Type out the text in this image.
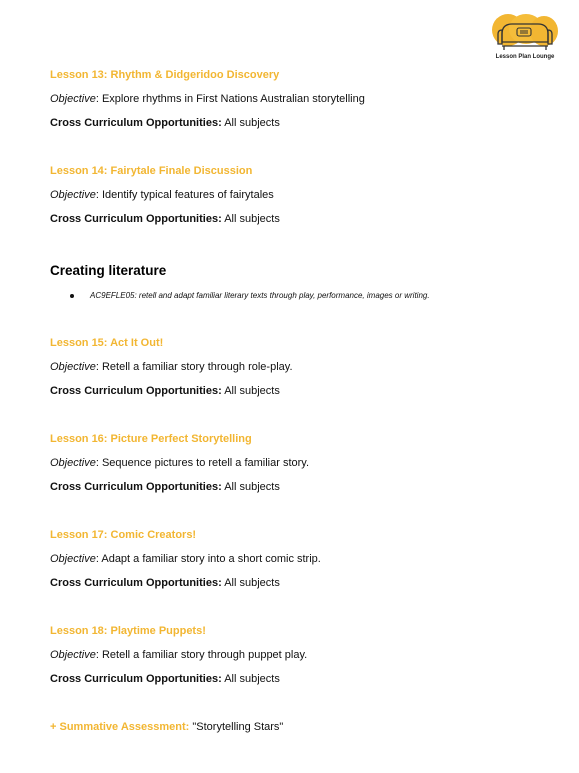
Lesson Plan Lounge
Lesson 13: Rhythm & Didgeridoo Discovery
Objective: Explore rhythms in First Nations Australian storytelling
Cross Curriculum Opportunities: All subjects
Lesson 14: Fairytale Finale Discussion
Objective: Identify typical features of fairytales
Cross Curriculum Opportunities: All subjects
Creating literature
AC9EFLE05: retell and adapt familiar literary texts through play, performance, images or writing.
Lesson 15: Act It Out!
Objective: Retell a familiar story through role-play.
Cross Curriculum Opportunities: All subjects
Lesson 16: Picture Perfect Storytelling
Objective: Sequence pictures to retell a familiar story.
Cross Curriculum Opportunities: All subjects
Lesson 17: Comic Creators!
Objective: Adapt a familiar story into a short comic strip.
Cross Curriculum Opportunities: All subjects
Lesson 18: Playtime Puppets!
Objective: Retell a familiar story through puppet play.
Cross Curriculum Opportunities: All subjects
+ Summative Assessment: "Storytelling Stars"
